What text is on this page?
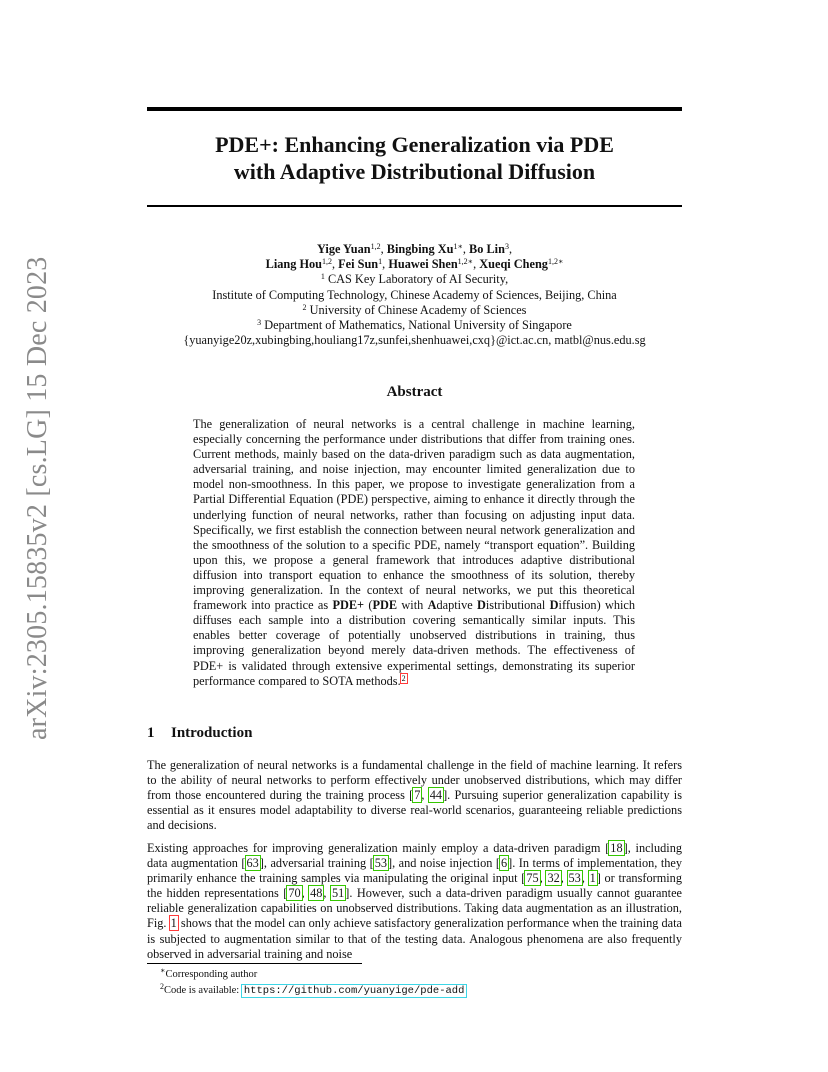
arXiv:2305.15835v2 [cs.LG] 15 Dec 2023
PDE+: Enhancing Generalization via PDE
with Adaptive Distributional Diffusion
Yige Yuan$^{1,2}$, Bingbing $Xu^{1∗}$, Bo Lin$^3$,
Liang Hou$^{1,2}$, Fei Sun$^1$, Huawei Shen$^{1,2∗}$, Xueqi Cheng$^{1,2∗}$
$^1$ CAS Key Laboratory of AI Security,
Institute of Computing Technology, Chinese Academy of Sciences, Beijing, China
$^2$ University of Chinese Academy of Sciences
$^3$ Department of Mathematics, National University of Singapore
{yuanyige20z,xubingbing,houliang17z,sunfei,shenhuawei,cxq}@ict.ac.cn, matbl@nus.edu.sg
Abstract
The generalization of neural networks is a central challenge in machine learning, especially concerning the performance under distributions that differ from training ones. Current methods, mainly based on the data-driven paradigm such as data augmentation, adversarial training, and noise injection, may encounter limited generalization due to model non-smoothness. In this paper, we propose to investigate generalization from a Partial Differential Equation (PDE) perspective, aiming to enhance it directly through the underlying function of neural networks, rather than focusing on adjusting input data. Specifically, we first establish the connection between neural network generalization and the smoothness of the solution to a specific PDE, namely “transport equation”. Building upon this, we propose a general framework that introduces adaptive distributional diffusion into transport equation to enhance the smoothness of its solution, thereby improving generalization. In the context of neural networks, we put this theoretical framework into practice as PDE+ (PDE with Adaptive Distributional Diffusion) which diffuses each sample into a distribution covering semantically similar inputs. This enables better coverage of potentially unobserved distributions in training, thus improving generalization beyond merely data-driven methods. The effectiveness of PDE+ is validated through extensive experimental settings, demonstrating its superior performance compared to SOTA methods.$^2$
1 Introduction
The generalization of neural networks is a fundamental challenge in the field of machine learning. It refers to the ability of neural networks to perform effectively under unobserved distributions, which may differ from those encountered during the training process [7, 44]. Pursuing superior generalization capability is essential as it ensures model adaptability to diverse real-world scenarios, guaranteeing reliable predictions and decisions.
Existing approaches for improving generalization mainly employ a data-driven paradigm [18], including data augmentation [63], adversarial training [53], and noise injection [6]. In terms of implementation, they primarily enhance the training samples via manipulating the original input [75, 32, 53, 1] or transforming the hidden representations [70, 48, 51]. However, such a data-driven paradigm usually cannot guarantee reliable generalization capabilities on unobserved distributions. Taking data augmentation as an illustration, Fig. 1 shows that the model can only achieve satisfactory generalization performance when the training data is subjected to augmentation similar to that of the testing data. Analogous phenomena are also frequently observed in adversarial training and noise
∗Corresponding author
$^2$Code is available: https://github.com/yuanyige/pde-add
